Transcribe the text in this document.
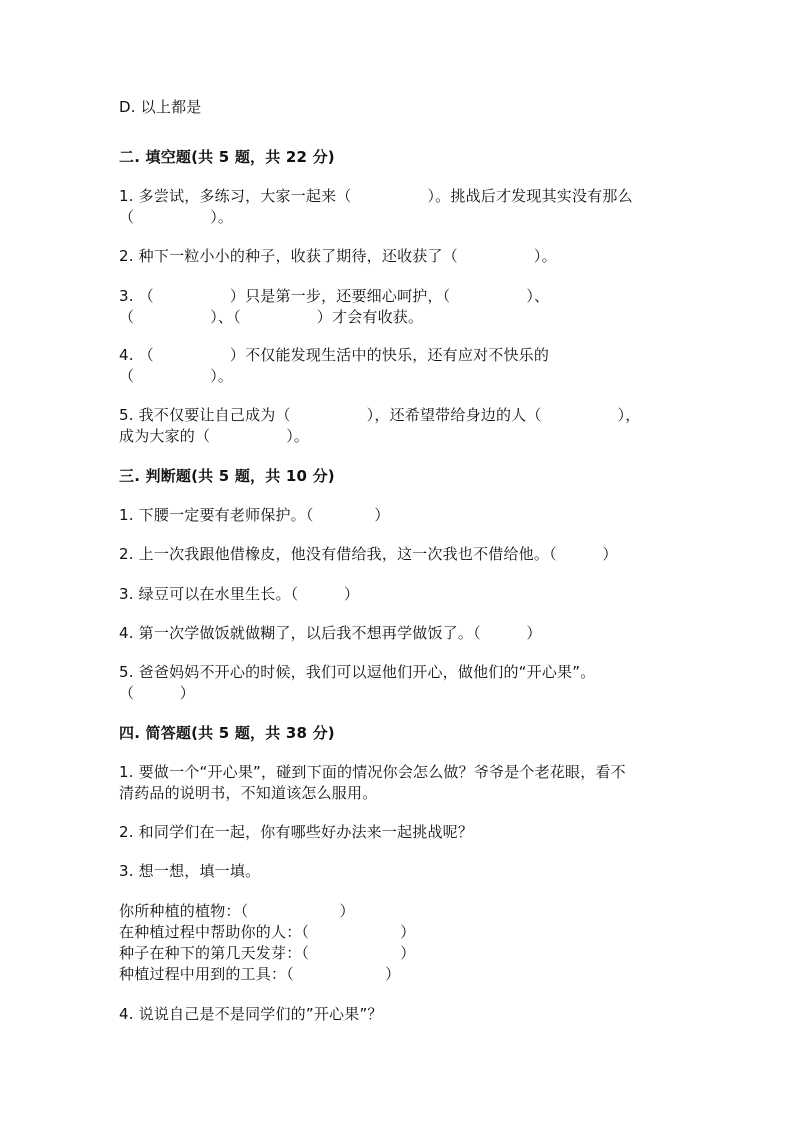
D. 以上都是
二. 填空题(共 5 题，共 22 分)
1. 多尝试，多练习，大家一起来（　　　　　）。挑战后才发现其实没有那么
（　　　　　）。
2. 种下一粒小小的种子，收获了期待，还收获了（　　　　　）。
3. （　　　　　）只是第一步，还要细心呵护，（　　　　　）、
（　　　　　）、（　　　　　）才会有收获。
4. （　　　　　）不仅能发现生活中的快乐，还有应对不快乐的
（　　　　　）。
5. 我不仅要让自己成为（　　　　　），还希望带给身边的人（　　　　　），
成为大家的（　　　　　）。
三. 判断题(共 5 题，共 10 分)
1. 下腰一定要有老师保护。（　　　　）
2. 上一次我跟他借橡皮，他没有借给我，这一次我也不借给他。（　　　）
3. 绿豆可以在水里生长。（　　　）
4. 第一次学做饭就做糊了，以后我不想再学做饭了。（　　　）
5. 爸爸妈妈不开心的时候，我们可以逗他们开心，做他们的“开心果”。
（　　　）
四. 简答题(共 5 题，共 38 分)
1. 要做一个“开心果”，碰到下面的情况你会怎么做？爷爷是个老花眼，看不
清药品的说明书，不知道该怎么服用。
2. 和同学们在一起，你有哪些好办法来一起挑战呢？
3. 想一想，填一填。
你所种植的植物：（　　　　　　）
在种植过程中帮助你的人：（　　　　　　）
种子在种下的第几天发芽：（　　　　　　）
种植过程中用到的工具：（　　　　　　）
4. 说说自己是不是同学们的”开心果”？
